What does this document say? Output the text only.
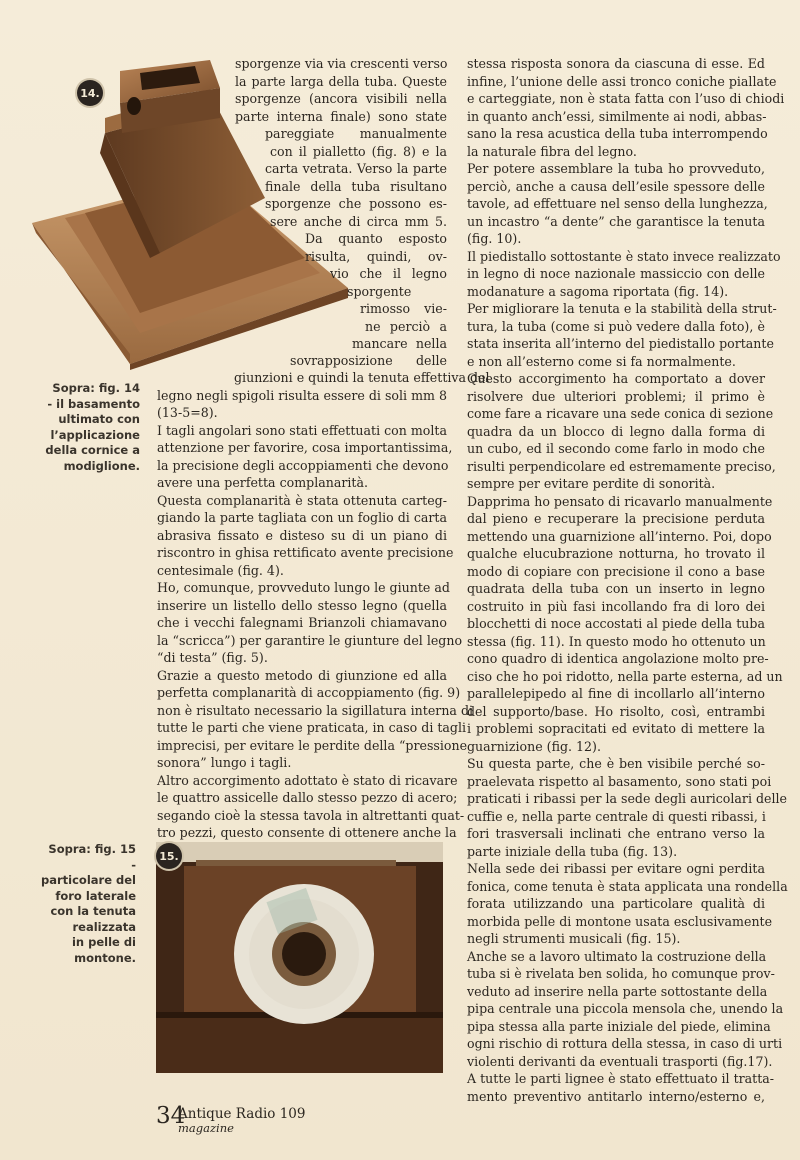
14.
Sopra: fig. 14
- il basamento
ultimato con
l’applicazione
della cornice a
modiglione.
sporgenze via via crescenti verso
la parte larga della tuba. Queste
sporgenze (ancora visibili nella
parte interna finale) sono state
pareggiate manualmente
con il pialletto (fig. 8) e la
carta vetrata. Verso la parte
finale della tuba risultano
sporgenze che possono es-
sere anche di circa mm 5.
Da quanto esposto
risulta, quindi, ov-
vio che il legno
sporgente
rimosso vie-
ne perciò a
mancare nella
sovrapposizione delle
giunzioni e quindi la tenuta effettiva del
legno negli spigoli risulta essere di soli mm 8
(13-5=8).
I tagli angolari sono stati effettuati con molta
attenzione per favorire, cosa importantissima,
la precisione degli accoppiamenti che devono
avere una perfetta complanarità.
Questa complanarità è stata ottenuta carteg-
giando la parte tagliata con un foglio di carta
abrasiva fissato e disteso su di un piano di
riscontro in ghisa rettificato avente precisione
centesimale (fig. 4).
Ho, comunque, provveduto lungo le giunte ad
inserire un listello dello stesso legno (quella
che i vecchi falegnami Brianzoli chiamavano
la “scricca”) per garantire le giunture del legno
“di testa” (fig. 5).
Grazie a questo metodo di giunzione ed alla
perfetta complanarità di accoppiamento (fig. 9)
non è risultato necessario la sigillatura interna di
tutte le parti che viene praticata, in caso di tagli
imprecisi, per evitare le perdite della “pressione
sonora” lungo i tagli.
Altro accorgimento adottato è stato di ricavare
le quattro assicelle dallo stesso pezzo di acero;
segando cioè la stessa tavola in altrettanti quat-
tro pezzi, questo consente di ottenere anche la
stessa risposta sonora da ciascuna di esse. Ed
infine, l’unione delle assi tronco coniche piallate
e carteggiate, non è stata fatta con l’uso di chiodi
in quanto anch’essi, similmente ai nodi, abbas-
sano la resa acustica della tuba interrompendo
la naturale fibra del legno.
Per potere assemblare la tuba ho provveduto,
perciò, anche a causa dell’esile spessore delle
tavole, ad effettuare nel senso della lunghezza,
un incastro “a dente” che garantisce la tenuta
(fig. 10).
Il piedistallo sottostante è stato invece realizzato
in legno di noce nazionale massiccio con delle
modanature a sagoma riportata (fig. 14).
Per migliorare la tenuta e la stabilità della strut-
tura, la tuba (come si può vedere dalla foto), è
stata inserita all’interno del piedistallo portante
e non all’esterno come si fa normalmente.
Questo accorgimento ha comportato a dover
risolvere due ulteriori problemi; il primo è
come fare a ricavare una sede conica di sezione
quadra da un blocco di legno dalla forma di
un cubo, ed il secondo come farlo in modo che
risulti perpendicolare ed estremamente preciso,
sempre per evitare perdite di sonorità.
Dapprima ho pensato di ricavarlo manualmente
dal pieno e recuperare la precisione perduta
mettendo una guarnizione all’interno. Poi, dopo
qualche elucubrazione notturna, ho trovato il
modo di copiare con precisione il cono a base
quadrata della tuba con un inserto in legno
costruito in più fasi incollando fra di loro dei
blocchetti di noce accostati al piede della tuba
stessa (fig. 11). In questo modo ho ottenuto un
cono quadro di identica angolazione molto pre-
ciso che ho poi ridotto, nella parte esterna, ad un
parallelepipedo al fine di incollarlo all’interno
del supporto/base. Ho risolto, così, entrambi
i problemi sopracitati ed evitato di mettere la
guarnizione (fig. 12).
Su questa parte, che è ben visibile perché so-
praelevata rispetto al basamento, sono stati poi
praticati i ribassi per la sede degli auricolari delle
cuffie e, nella parte centrale di questi ribassi, i
fori trasversali inclinati che entrano verso la
parte iniziale della tuba (fig. 13).
Nella sede dei ribassi per evitare ogni perdita
fonica, come tenuta è stata applicata una rondella
forata utilizzando una particolare qualità di
morbida pelle di montone usata esclusivamente
negli strumenti musicali (fig. 15).
Anche se a lavoro ultimato la costruzione della
tuba si è rivelata ben solida, ho comunque prov-
veduto ad inserire nella parte sottostante della
pipa centrale una piccola mensola che, unendo la
pipa stessa alla parte iniziale del piede, elimina
ogni rischio di rottura della stessa, in caso di urti
violenti derivanti da eventuali trasporti (fig.17).
A tutte le parti lignee è stato effettuato il tratta-
mento preventivo antitarlo interno/esterno e,
15.
Sopra: fig. 15 -
particolare del
foro laterale
con la tenuta
realizzata
in pelle di
montone.
34
Antique Radio 109
magazine
